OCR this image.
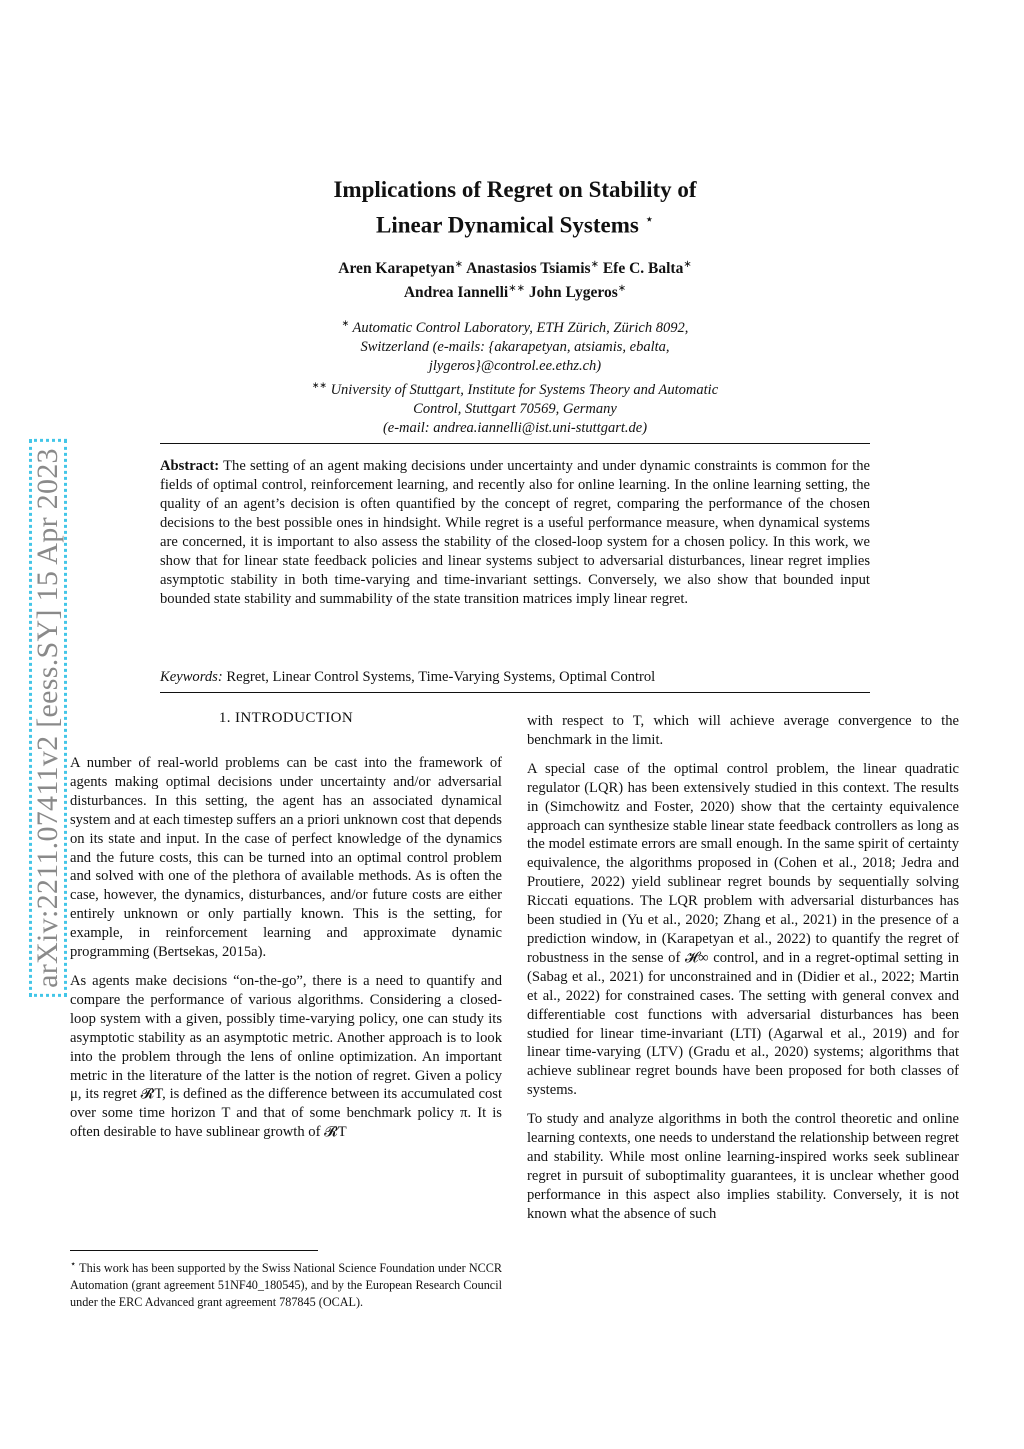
arXiv:2211.07411v2 [eess.SY] 15 Apr 2023
Implications of Regret on Stability of
Linear Dynamical Systems ⋆
Aren Karapetyan∗ Anastasios Tsiamis∗ Efe C. Balta∗
Andrea Iannelli∗∗ John Lygeros∗
∗ Automatic Control Laboratory, ETH Zürich, Zürich 8092,
Switzerland (e-mails: {akarapetyan, atsiamis, ebalta,
jlygeros}@control.ee.ethz.ch)
∗∗ University of Stuttgart, Institute for Systems Theory and Automatic
Control, Stuttgart 70569, Germany
(e-mail: andrea.iannelli@ist.uni-stuttgart.de)
Abstract: The setting of an agent making decisions under uncertainty and under dynamic constraints is common for the fields of optimal control, reinforcement learning, and recently also for online learning. In the online learning setting, the quality of an agent’s decision is often quantified by the concept of regret, comparing the performance of the chosen decisions to the best possible ones in hindsight. While regret is a useful performance measure, when dynamical systems are concerned, it is important to also assess the stability of the closed-loop system for a chosen policy. In this work, we show that for linear state feedback policies and linear systems subject to adversarial disturbances, linear regret implies asymptotic stability in both time-varying and time-invariant settings. Conversely, we also show that bounded input bounded state stability and summability of the state transition matrices imply linear regret.
Keywords: Regret, Linear Control Systems, Time-Varying Systems, Optimal Control
1. INTRODUCTION

A number of real-world problems can be cast into the framework of agents making optimal decisions under uncertainty and/or adversarial disturbances. In this setting, the agent has an associated dynamical system and at each timestep suffers an a priori unknown cost that depends on its state and input. In the case of perfect knowledge of the dynamics and the future costs, this can be turned into an optimal control problem and solved with one of the plethora of available methods. As is often the case, however, the dynamics, disturbances, and/or future costs are either entirely unknown or only partially known. This is the setting, for example, in reinforcement learning and approximate dynamic programming (Bertsekas, 2015a).

As agents make decisions “on-the-go”, there is a need to quantify and compare the performance of various algorithms. Considering a closed-loop system with a given, possibly time-varying policy, one can study its asymptotic stability as an asymptotic metric. Another approach is to look into the problem through the lens of online optimization. An important metric in the literature of the latter is the notion of regret. Given a policy μ, its regret 𝓡T, is defined as the difference between its accumulated cost over some time horizon T and that of some benchmark policy π. It is often desirable to have sublinear growth of 𝓡T

with respect to T, which will achieve average convergence to the benchmark in the limit.

A special case of the optimal control problem, the linear quadratic regulator (LQR) has been extensively studied in this context. The results in (Simchowitz and Foster, 2020) show that the certainty equivalence approach can synthesize stable linear state feedback controllers as long as the model estimate errors are small enough. In the same spirit of certainty equivalence, the algorithms proposed in (Cohen et al., 2018; Jedra and Proutiere, 2022) yield sublinear regret bounds by sequentially solving Riccati equations. The LQR problem with adversarial disturbances has been studied in (Yu et al., 2020; Zhang et al., 2021) in the presence of a prediction window, in (Karapetyan et al., 2022) to quantify the regret of robustness in the sense of 𝓗∞ control, and in a regret-optimal setting in (Sabag et al., 2021) for unconstrained and in (Didier et al., 2022; Martin et al., 2022) for constrained cases. The setting with general convex and differentiable cost functions with adversarial disturbances has been studied for linear time-invariant (LTI) (Agarwal et al., 2019) and for linear time-varying (LTV) (Gradu et al., 2020) systems; algorithms that achieve sublinear regret bounds have been proposed for both classes of systems.

To study and analyze algorithms in both the control theoretic and online learning contexts, one needs to understand the relationship between regret and stability. While most online learning-inspired works seek sublinear regret in pursuit of suboptimality guarantees, it is unclear whether good performance in this aspect also implies stability. Conversely, it is not known what the absence of such

⋆ This work has been supported by the Swiss National Science Foundation under NCCR Automation (grant agreement 51NF40_180545), and by the European Research Council under the ERC Advanced grant agreement 787845 (OCAL).
